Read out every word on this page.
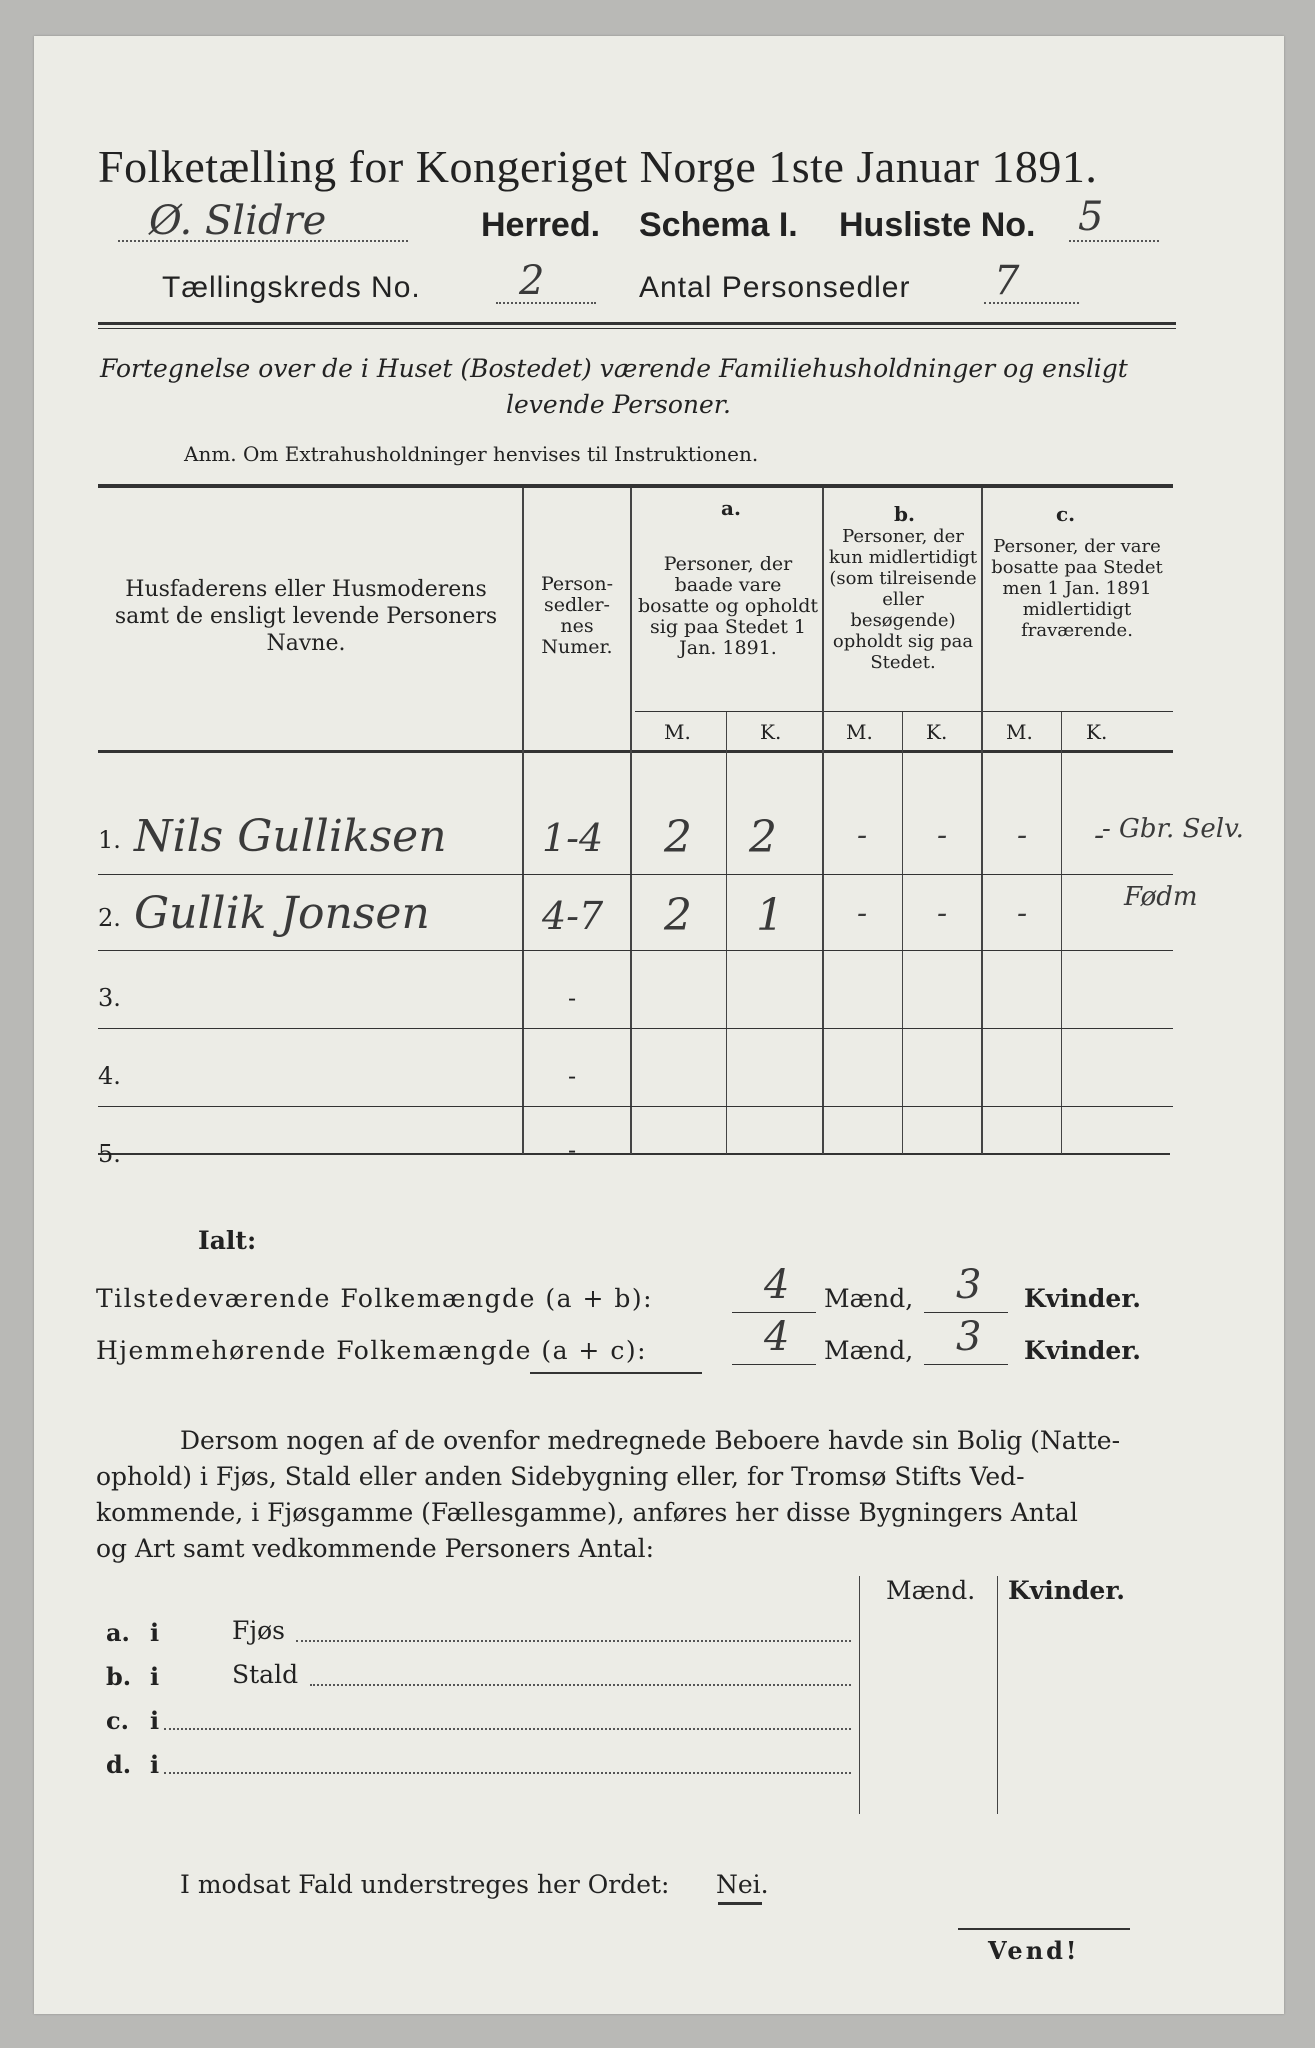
Folketælling for Kongeriget Norge 1ste Januar 1891.
Ø. Slidre	Herred. Schema I. Husliste No. 5
Tællingskreds No. 2	Antal Personsedler 7
Fortegnelse over de i Huset (Bostedet) værende Familiehusholdninger og ensligt
levende Personer.
Anm. Om Extrahusholdninger henvises til Instruktionen.
Husfaderens eller Husmoderens samt de ensligt levende Personers Navne.
Person-sedler-nes Numer.
a.
Personer, der baade vare bosatte og opholdt sig paa Stedet 1 Jan. 1891.
b.
Personer, der kun midlertidigt (som tilreisende eller besøgende) opholdt sig paa Stedet.
c.
Personer, der vare bosatte paa Stedet men 1 Jan. 1891 midlertidigt fraværende.
M.	K.	M.	K.	M.	K.
1. Nils Gulliksen	1-4 2 2	- - - -
2. Gullik Jonsen	4-7 2 1 - - -
- Gbr. Selv.
Fødm
3.	-
4.	-
5.	-
Ialt:
Tilstedeværende Folkemængde (a + b):	4 Mænd, 3 Kvinder.
Hjemmehørende Folkemængde (a + c):	4 Mænd, 3 Kvinder.
Dersom nogen af de ovenfor medregnede Beboere havde sin Bolig (Natte-
ophold) i Fjøs, Stald eller anden Sidebygning eller, for Tromsø Stifts Ved-
kommende, i Fjøsgamme (Fællesgamme), anføres her disse Bygningers Antal
og Art samt vedkommende Personers Antal:
Mænd. Kvinder.
a. i	Fjøs
b. i	Stald
c. i
d. i
I modsat Fald understreges her Ordet: Nei.
Vend!
